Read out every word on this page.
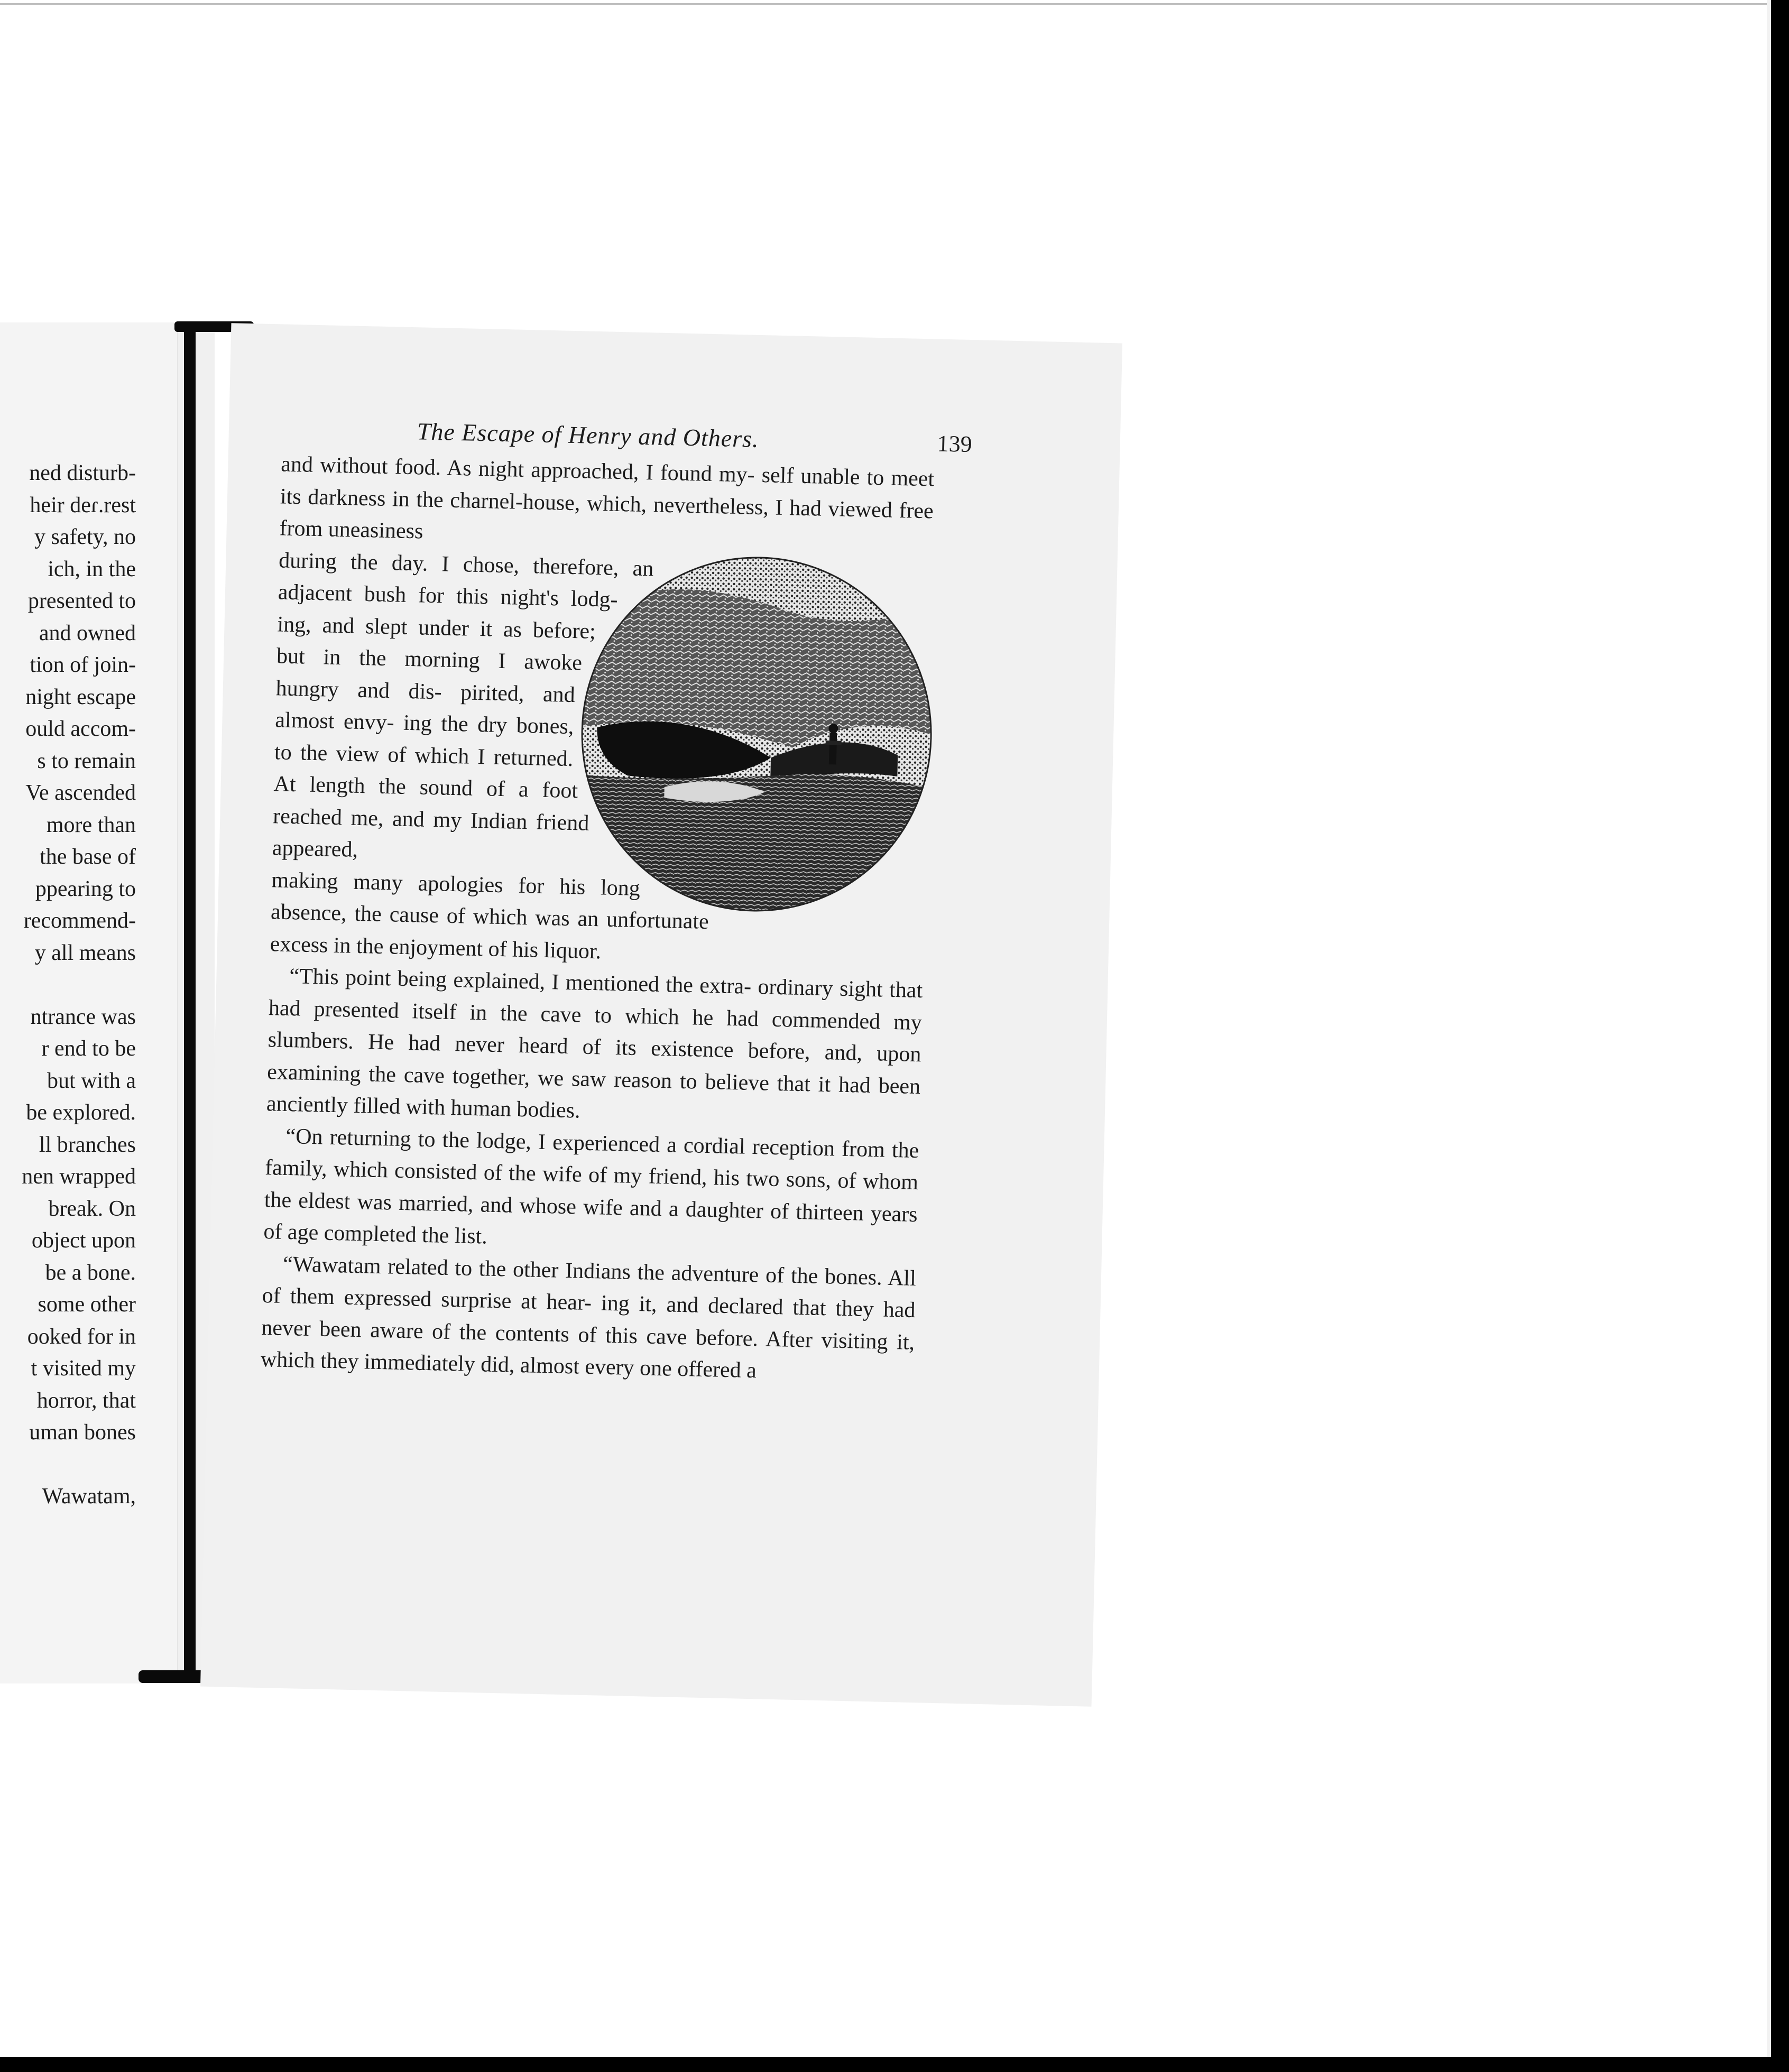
ned disturb-
heir deɾ.rest
y safety, no
ich, in the
presented to
and owned
tion of join-
night escape
ould accom-
s to remain
Ve ascended
more than
the base of
ppearing to
recommend-
y all means
ntrance was
r end to be
but with a
be explored.
ll branches
nen wrapped
break. On
object upon
be a bone.
some other
ooked for in
t visited my
horror, that
uman bones
Wawatam,
The Escape of Henry and Others.	139

and without food. As night approached, I found my- self unable to meet its darkness in the charnel-house, which, nevertheless, I had viewed free from uneasiness

during the day. I chose, therefore, an adjacent bush for this night's lodg- ing, and slept under it as before; but in the morning I awoke hungry and dis- pirited, and almost envy- ing the dry bones, to the view of which I returned. At length the sound of a foot reached me, and my Indian friend appeared,

making many apologies for his long absence, the cause of which was an unfortunate excess in the enjoyment of his liquor.

“This point being explained, I mentioned the extra- ordinary sight that had presented itself in the cave to which he had commended my slumbers. He had never heard of its existence before, and, upon examining the cave together, we saw reason to believe that it had been anciently filled with human bodies.

“On returning to the lodge, I experienced a cordial reception from the family, which consisted of the wife of my friend, his two sons, of whom the eldest was married, and whose wife and a daughter of thirteen years of age completed the list.

“Wawatam related to the other Indians the adventure of the bones. All of them expressed surprise at hear- ing it, and declared that they had never been aware of the contents of this cave before. After visiting it, which they immediately did, almost every one offered a
